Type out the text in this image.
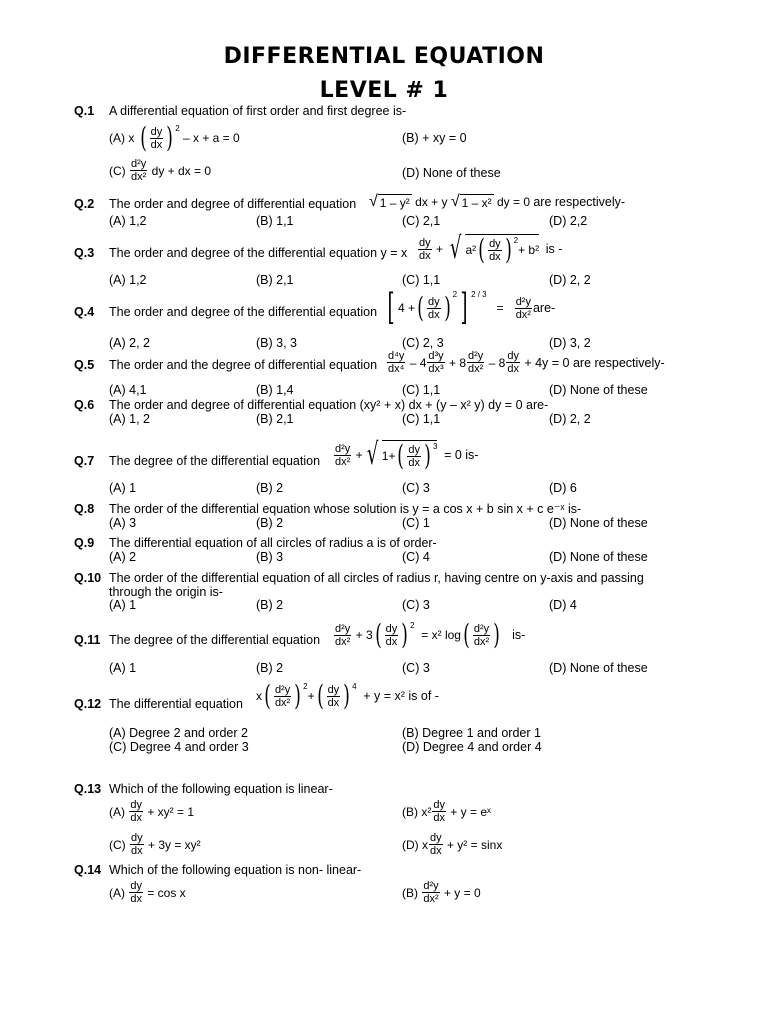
DIFFERENTIAL EQUATION
LEVEL # 1
Q.1 A differential equation of first order and first degree is-
(A) x
( $\frac{dy}{dx}$ ) $^2$

– x + a = 0	(B) + xy = 0
(C)
$\frac{\text{d²y}}{\text{dx²}}$
dy + dx = 0	(D) None of these
Q.2 The order and degree of differential equation √ 1 – y²
dx + y
√ 1 – x²
dy = 0
are respectively-
(A) 1,2	(B) 1,1	(C) 2,1	(D) 2,2
Q.3 The order and degree of the differential equation y = x $\frac{dy}{dx}$
+
√ a² ( $\frac{dy}{dx}$ ) $^2$
+ b²
is -
(A) 1,2	(B) 2,1	(C) 1,1	(D) 2, 2
Q.4 The order and degree of the differential equation [ 4 + ( $\frac{dy}{dx}$ ) $^2$ ] $^{2 / 3}$

=
$\frac{\text{d²y}}{\text{dx²}} are-$
(A) 2, 2	(B) 3, 3	(C) 2, 3	(D) 3, 2
Q.5 The order and the degree of differential equation $\frac{\text{d⁴y}}{\text{dx⁴}}$
– $4 \frac{\text{d³y}}{\text{dx³}}$
+ $8 \frac{\text{d²y}}{\text{dx²}}$
– $8 \frac{dy}{dx}$
+ 4y = 0 are respectively-
(A) 4,1	(B) 1,4	(C) 1,1	(D) None of these
Q.6 The order and degree of differential equation (xy² + x) dx + (y – x² y) dy = 0 are-
(A) 1, 2	(B) 2,1	(C) 1,1	(D) 2, 2
Q.7 The degree of the differential equation	$\frac{\text{d²y}}{\text{dx²}}$
+ √ 1+ ( $\frac{dy}{dx}$ ) $^3$

= 0 is-
(A) 1	(B) 2	(C) 3	(D) 6
Q.8 The order of the differential equation whose solution is y = a cos x + b sin x + c e⁻ˣ is-
(A) 3	(B) 2	(C) 1	(D) None of these
Q.9 The differential equation of all circles of radius a is of order-
(A) 2	(B) 3	(C) 4	(D) None of these
Q.10 The order of the differential equation of all circles of radius r, having centre on y-axis and passing
through the origin is-
(A) 1	(B) 2	(C) 3	(D) 4
Q.11 The degree of the differential equation	$\frac{\text{d²y}}{\text{dx²}}$
+ 3 ( $\frac{dy}{dx}$ ) $^2$

= x² log ( $\frac{\text{d²y}}{\text{dx²}}$ )
is-
(A) 1	(B) 2	(C) 3	(D) None of these
Q.12 The differential equation
x ( $\frac{\text{d²y}}{\text{dx²}}$ ) $^2$
+ ( $\frac{dy}{dx}$ ) $^4$

+ y = x² is of -
(A) Degree 2 and order 2	(B) Degree 1 and order 1
(C) Degree 4 and order 3	(D) Degree 4 and order 4
Q.13 Which of the following equation is linear-
(A)
$\frac{dy}{dx}$
+ xy² = 1	(B) $x^2 \frac{dy}{dx}$
+ y = eˣ
(C)
$\frac{dy}{dx}$
+ 3y = xy²	(D) x $\frac{dy}{dx}$
+ y² = sinx
Q.14 Which of the following equation is non- linear-
(A)
$\frac{dy}{dx}$
= cos x	(B)
$\frac{\text{d²y}}{\text{dx²}}$
+ y = 0
